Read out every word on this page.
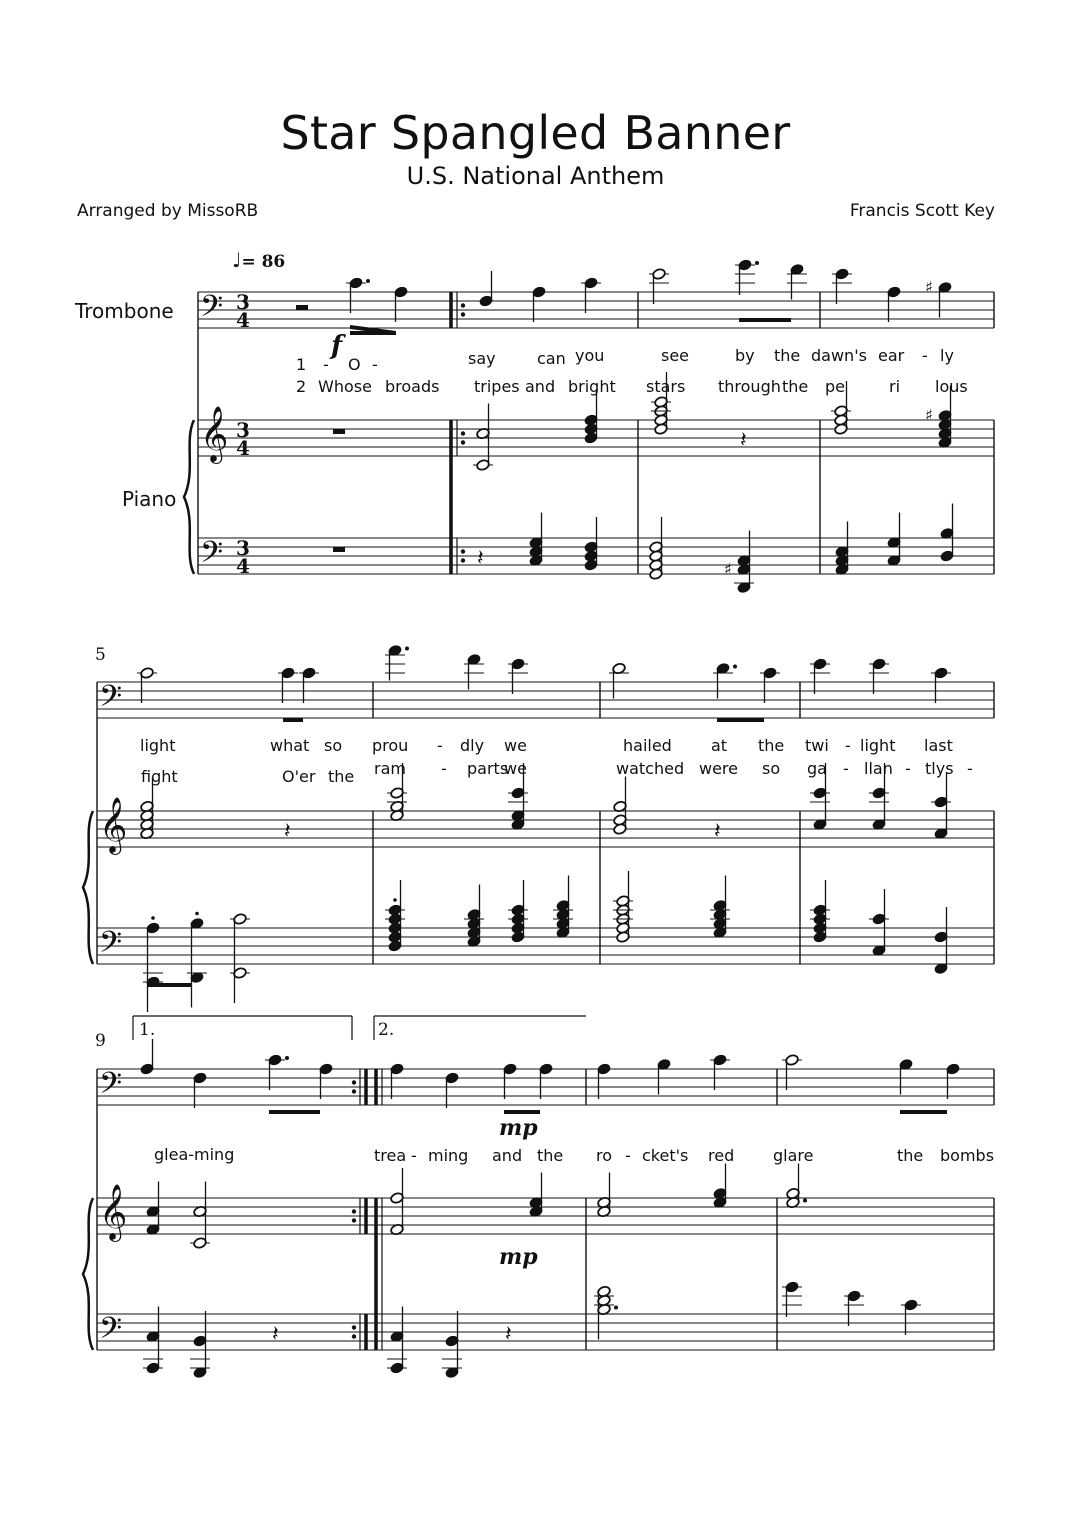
Star Spangled Banner
U.S. National Anthem
Arranged by MissoRB	Francis Scott Key
Trombone
Piano
♩= 86
5
9
1.	2.
f
mp
mp
1 - O -	say	can you	see	by the dawn's ear - ly
2 Whose broads tripes and bright stars through the pe	ri lous
light	what so prou - dly we	hailed at the twi - light last
fight	O'er the ram - parts
we	watched were so ga - llan - tlys -
glea-ming	trea - ming and the ro - cket's red glare	the bombs
𝄢 3
4
𝄞 3
4
𝄢 3
4
♯
𝄽
♯
𝄽	♯
𝄢
𝄞
𝄢
𝄽	𝄽
𝄢
𝄞
𝄢	𝄽	𝄽
